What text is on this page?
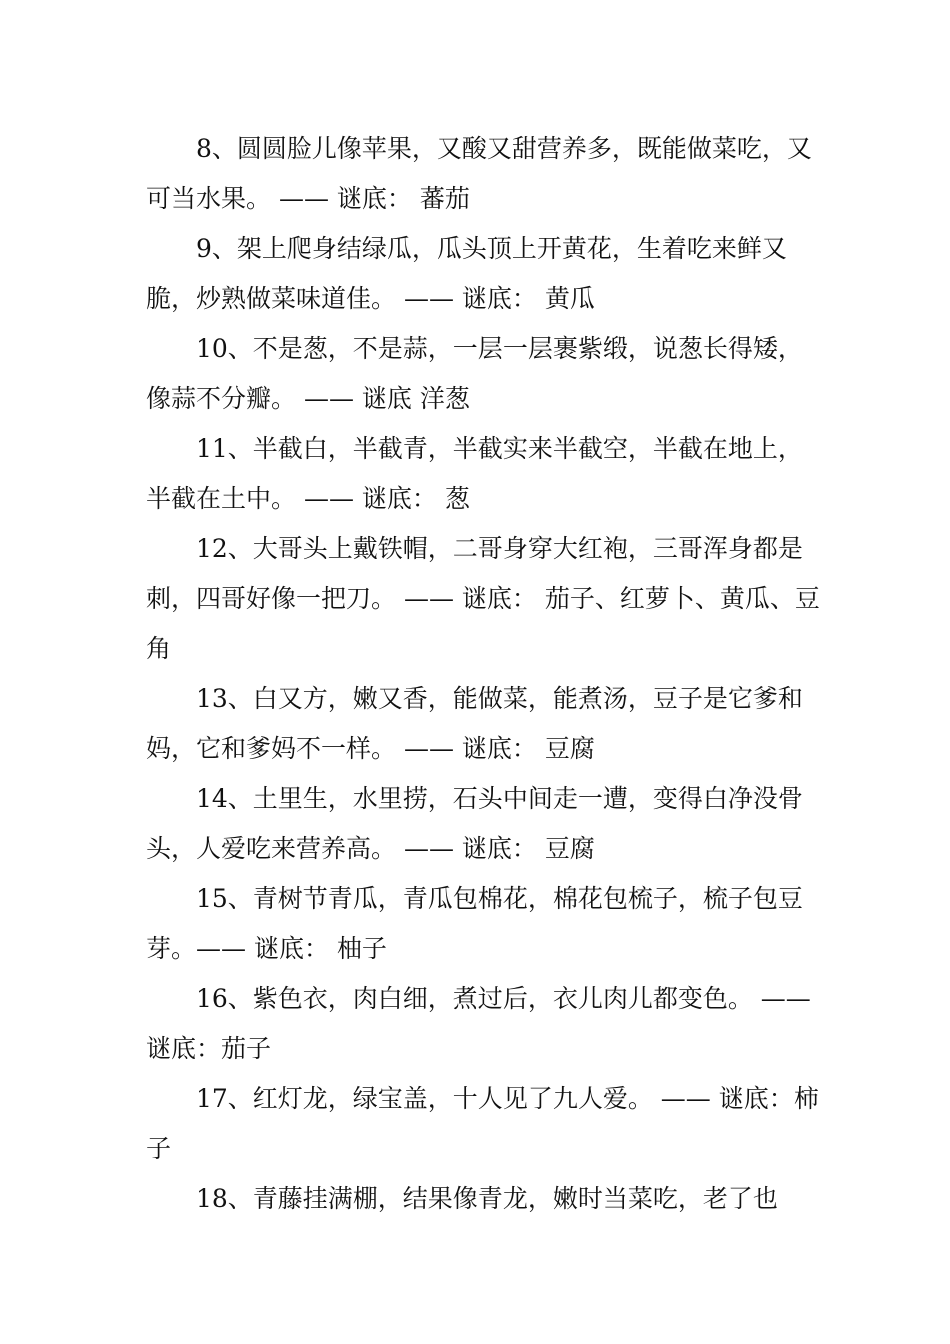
8、圆圆脸儿像苹果，又酸又甜营养多，既能做菜吃，又可当水果。 —— 谜底： 蕃茄

9、架上爬身结绿瓜，瓜头顶上开黄花，生着吃来鲜又脆，炒熟做菜味道佳。 —— 谜底： 黄瓜

10、不是葱，不是蒜，一层一层裹紫缎，说葱长得矮，像蒜不分瓣。 —— 谜底 洋葱

11、半截白，半截青，半截实来半截空，半截在地上，半截在土中。 —— 谜底： 葱

12、大哥头上戴铁帽，二哥身穿大红袍，三哥浑身都是刺，四哥好像一把刀。 —— 谜底： 茄子、红萝卜、黄瓜、豆角

13、白又方，嫩又香，能做菜，能煮汤，豆子是它爹和妈，它和爹妈不一样。 —— 谜底： 豆腐

14、土里生，水里捞，石头中间走一遭，变得白净没骨头，人爱吃来营养高。 —— 谜底： 豆腐

15、青树节青瓜，青瓜包棉花，棉花包梳子，梳子包豆芽。—— 谜底： 柚子

16、紫色衣，肉白细，煮过后，衣儿肉儿都变色。 —— 谜底：茄子

17、红灯龙，绿宝盖，十人见了九人爱。 —— 谜底：柿子

18、青藤挂满棚，结果像青龙，嫩时当菜吃，老了也
